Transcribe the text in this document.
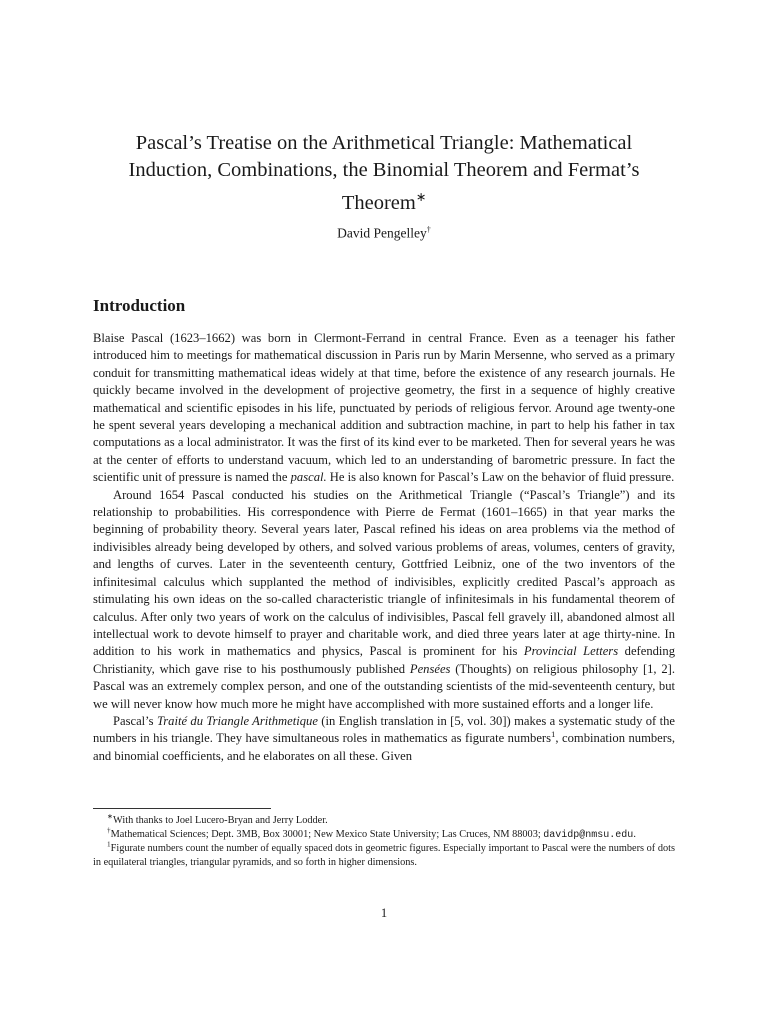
Pascal’s Treatise on the Arithmetical Triangle: Mathematical Induction, Combinations, the Binomial Theorem and Fermat’s Theorem∗
David Pengelley†
Introduction

Blaise Pascal (1623–1662) was born in Clermont-Ferrand in central France. Even as a teenager his father introduced him to meetings for mathematical discussion in Paris run by Marin Mersenne, who served as a primary conduit for transmitting mathematical ideas widely at that time, before the existence of any research journals. He quickly became involved in the development of projective geometry, the first in a sequence of highly creative mathematical and scientific episodes in his life, punctuated by periods of religious fervor. Around age twenty-one he spent several years developing a mechanical addition and subtraction machine, in part to help his father in tax computations as a local administrator. It was the first of its kind ever to be marketed. Then for several years he was at the center of efforts to understand vacuum, which led to an understanding of barometric pressure. In fact the scientific unit of pressure is named the pascal. He is also known for Pascal’s Law on the behavior of fluid pressure.

Around 1654 Pascal conducted his studies on the Arithmetical Triangle (“Pascal’s Triangle”) and its relationship to probabilities. His correspondence with Pierre de Fermat (1601–1665) in that year marks the beginning of probability theory. Several years later, Pascal refined his ideas on area problems via the method of indivisibles already being developed by others, and solved various problems of areas, volumes, centers of gravity, and lengths of curves. Later in the seventeenth century, Gottfried Leibniz, one of the two inventors of the infinitesimal calculus which supplanted the method of indivisibles, explicitly credited Pascal’s approach as stimulating his own ideas on the so-called characteristic triangle of infinitesimals in his fundamental theorem of calculus. After only two years of work on the calculus of indivisibles, Pascal fell gravely ill, abandoned almost all intellectual work to devote himself to prayer and charitable work, and died three years later at age thirty-nine. In addition to his work in mathematics and physics, Pascal is prominent for his Provincial Letters defending Christianity, which gave rise to his posthumously published Pensées (Thoughts) on religious philosophy [1, 2]. Pascal was an extremely complex person, and one of the outstanding scientists of the mid-seventeenth century, but we will never know how much more he might have accomplished with more sustained efforts and a longer life.

Pascal’s Traité du Triangle Arithmetique (in English translation in [5, vol. 30]) makes a systematic study of the numbers in his triangle. They have simultaneous roles in mathematics as figurate numbers$^1$, combination numbers, and binomial coefficients, and he elaborates on all these. Given

∗With thanks to Joel Lucero-Bryan and Jerry Lodder.

†Mathematical Sciences; Dept. 3MB, Box 30001; New Mexico State University; Las Cruces, NM 88003; davidp@nmsu.edu.

$^1$Figurate numbers count the number of equally spaced dots in geometric figures. Especially important to Pascal were the numbers of dots in equilateral triangles, triangular pyramids, and so forth in higher dimensions.

1
